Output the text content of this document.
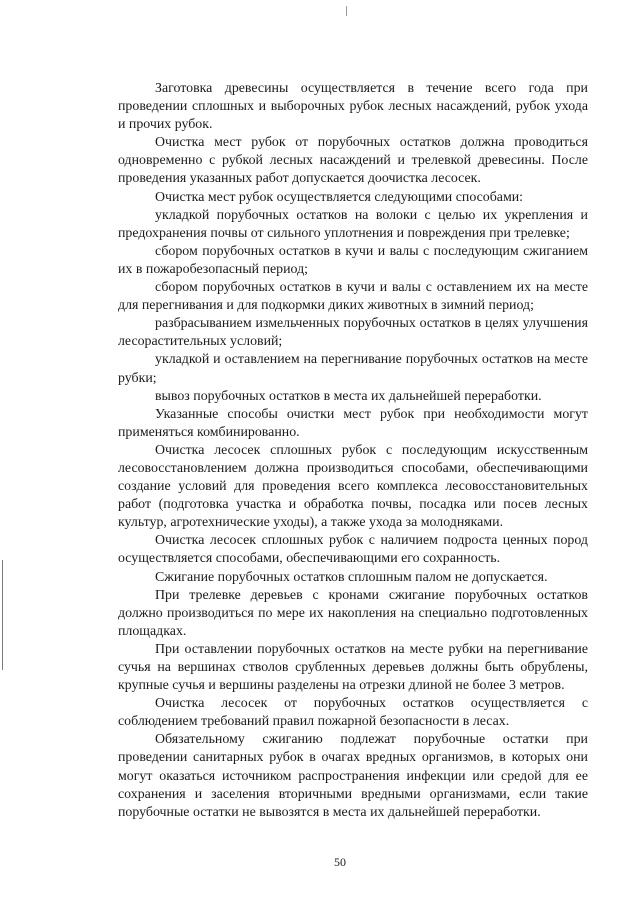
Заготовка древесины осуществляется в течение всего года при проведении сплошных и выборочных рубок лесных насаждений, рубок ухода и прочих рубок.

Очистка мест рубок от порубочных остатков должна проводиться одновременно с рубкой лесных насаждений и трелевкой древесины. После проведения указанных работ допускается доочистка лесосек.

Очистка мест рубок осуществляется следующими способами:

укладкой порубочных остатков на волоки с целью их укрепления и предохранения почвы от сильного уплотнения и повреждения при трелевке;

сбором порубочных остатков в кучи и валы с последующим сжиганием их в пожаробезопасный период;

сбором порубочных остатков в кучи и валы с оставлением их на месте для перегнивания и для подкормки диких животных в зимний период;

разбрасыванием измельченных порубочных остатков в целях улучшения лесорастительных условий;

укладкой и оставлением на перегнивание порубочных остатков на месте рубки;

вывоз порубочных остатков в места их дальнейшей переработки.

Указанные способы очистки мест рубок при необходимости могут применяться комбинированно.

Очистка лесосек сплошных рубок с последующим искусственным лесовосстановлением должна производиться способами, обеспечивающими создание условий для проведения всего комплекса лесовосстановительных работ (подготовка участка и обработка почвы, посадка или посев лесных культур, агротехнические уходы), а также ухода за молодняками.

Очистка лесосек сплошных рубок с наличием подроста ценных пород осуществляется способами, обеспечивающими его сохранность.

Сжигание порубочных остатков сплошным палом не допускается.

При трелевке деревьев с кронами сжигание порубочных остатков должно производиться по мере их накопления на специально подготовленных площадках.

При оставлении порубочных остатков на месте рубки на перегнивание сучья на вершинах стволов срубленных деревьев должны быть обрублены, крупные сучья и вершины разделены на отрезки длиной не более 3 метров.

Очистка лесосек от порубочных остатков осуществляется с соблюдением требований правил пожарной безопасности в лесах.

Обязательному сжиганию подлежат порубочные остатки при проведении санитарных рубок в очагах вредных организмов, в которых они могут оказаться источником распространения инфекции или средой для ее сохранения и заселения вторичными вредными организмами, если такие порубочные остатки не вывозятся в места их дальнейшей переработки.

50
